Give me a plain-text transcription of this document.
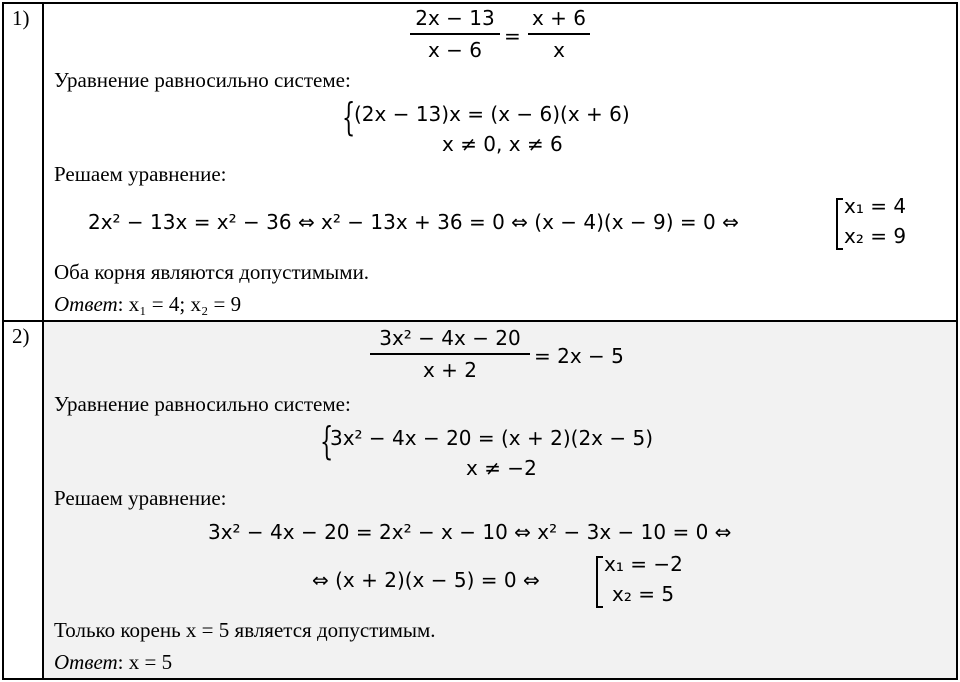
1)	2x − 13
x − 6
=
x + 6
x
Уравнение равносильно системе:
{
(2x − 13)x = (x − 6)(x + 6)
x ≠ 0, x ≠ 6
Решаем уравнение:
2x² − 13x = x² − 36 ⇔ x² − 13x + 36 = 0 ⇔ (x − 4)(x − 9) = 0 ⇔
x₁ = 4
x₂ = 9
Оба корня являются допустимыми.
Ответ: x₁ = 4; x₂ = 9
2)	3x² − 4x − 20
x + 2
= 2x − 5
Уравнение равносильно системе:
{
3x² − 4x − 20 = (x + 2)(2x − 5)
x ≠ −2
Решаем уравнение:
3x² − 4x − 20 = 2x² − x − 10 ⇔ x² − 3x − 10 = 0 ⇔
⇔ (x + 2)(x − 5) = 0 ⇔
x₁ = −2
x₂ = 5
Только корень x = 5 является допустимым.
Ответ: x = 5
